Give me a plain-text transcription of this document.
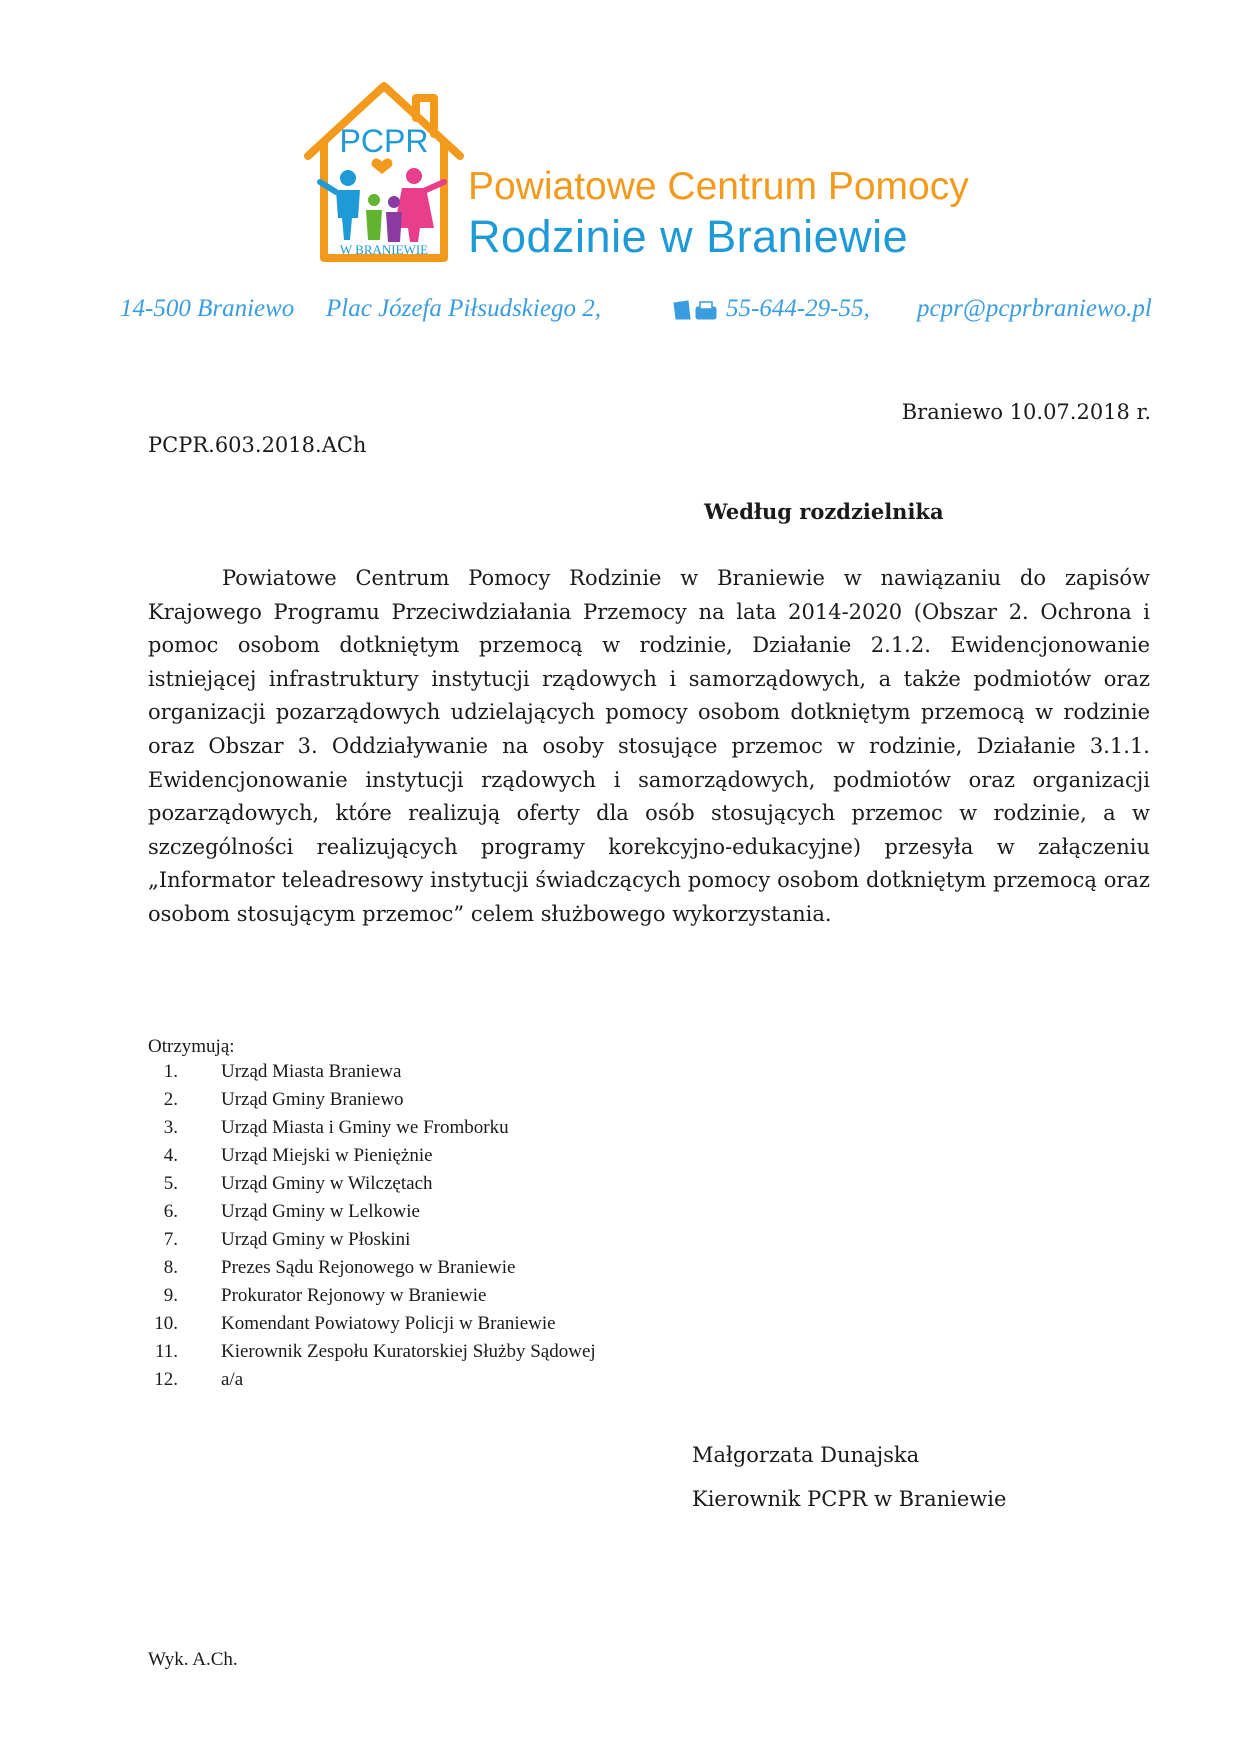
PCPR
W BRANIEWIE
Powiatowe Centrum Pomocy
Rodzinie w Braniewie
14-500 Braniewo Plac Józefa Piłsudskiego 2,	55-644-29-55, pcpr@pcprbraniewo.pl
Braniewo 10.07.2018 r.
PCPR.603.2018.ACh
Według rozdzielnika

Powiatowe Centrum Pomocy Rodzinie w Braniewie w nawiązaniu do zapisów Krajowego Programu Przeciwdziałania Przemocy na lata 2014-2020 (Obszar 2. Ochrona i pomoc osobom dotkniętym przemocą w rodzinie, Działanie 2.1.2. Ewidencjonowanie istniejącej infrastruktury instytucji rządowych i samorządowych, a także podmiotów oraz organizacji pozarządowych udzielających pomocy osobom dotkniętym przemocą w rodzinie oraz Obszar 3. Oddziaływanie na osoby stosujące przemoc w rodzinie, Działanie 3.1.1. Ewidencjonowanie instytucji rządowych i samorządowych, podmiotów oraz organizacji pozarządowych, które realizują oferty dla osób stosujących przemoc w rodzinie, a w szczególności realizujących programy korekcyjno-edukacyjne) przesyła w załączeniu „Informator teleadresowy instytucji świadczących pomocy osobom dotkniętym przemocą oraz osobom stosującym przemoc” celem służbowego wykorzystania.

Otrzymują:
1. Urząd Miasta Braniewa
2. Urząd Gminy Braniewo
3. Urząd Miasta i Gminy we Fromborku
4. Urząd Miejski w Pieniężnie
5. Urząd Gminy w Wilczętach
6. Urząd Gminy w Lelkowie
7. Urząd Gminy w Płoskini
8. Prezes Sądu Rejonowego w Braniewie
9. Prokurator Rejonowy w Braniewie
10. Komendant Powiatowy Policji w Braniewie
11. Kierownik Zespołu Kuratorskiej Służby Sądowej
12. a/a
Małgorzata Dunajska
Kierownik PCPR w Braniewie
Wyk. A.Ch.
